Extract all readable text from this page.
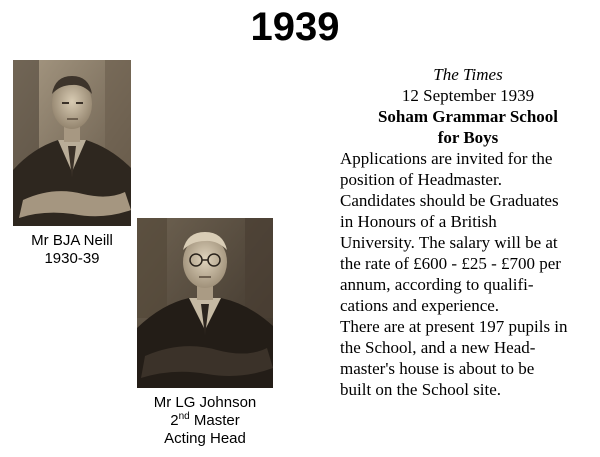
1939
Mr BJA Neill
1930-39
Mr LG Johnson
2nd Master
Acting Head
The Times
12 September 1939
Soham Grammar School
for Boys
Applications are invited for the
position of Headmaster.
Candidates should be Graduates
in Honours of a British
University. The salary will be at
the rate of £600 - £25 - £700 per
annum, according to qualifi-
cations and experience.
There are at present 197 pupils in
the School, and a new Head-
master's house is about to be
built on the School site.
